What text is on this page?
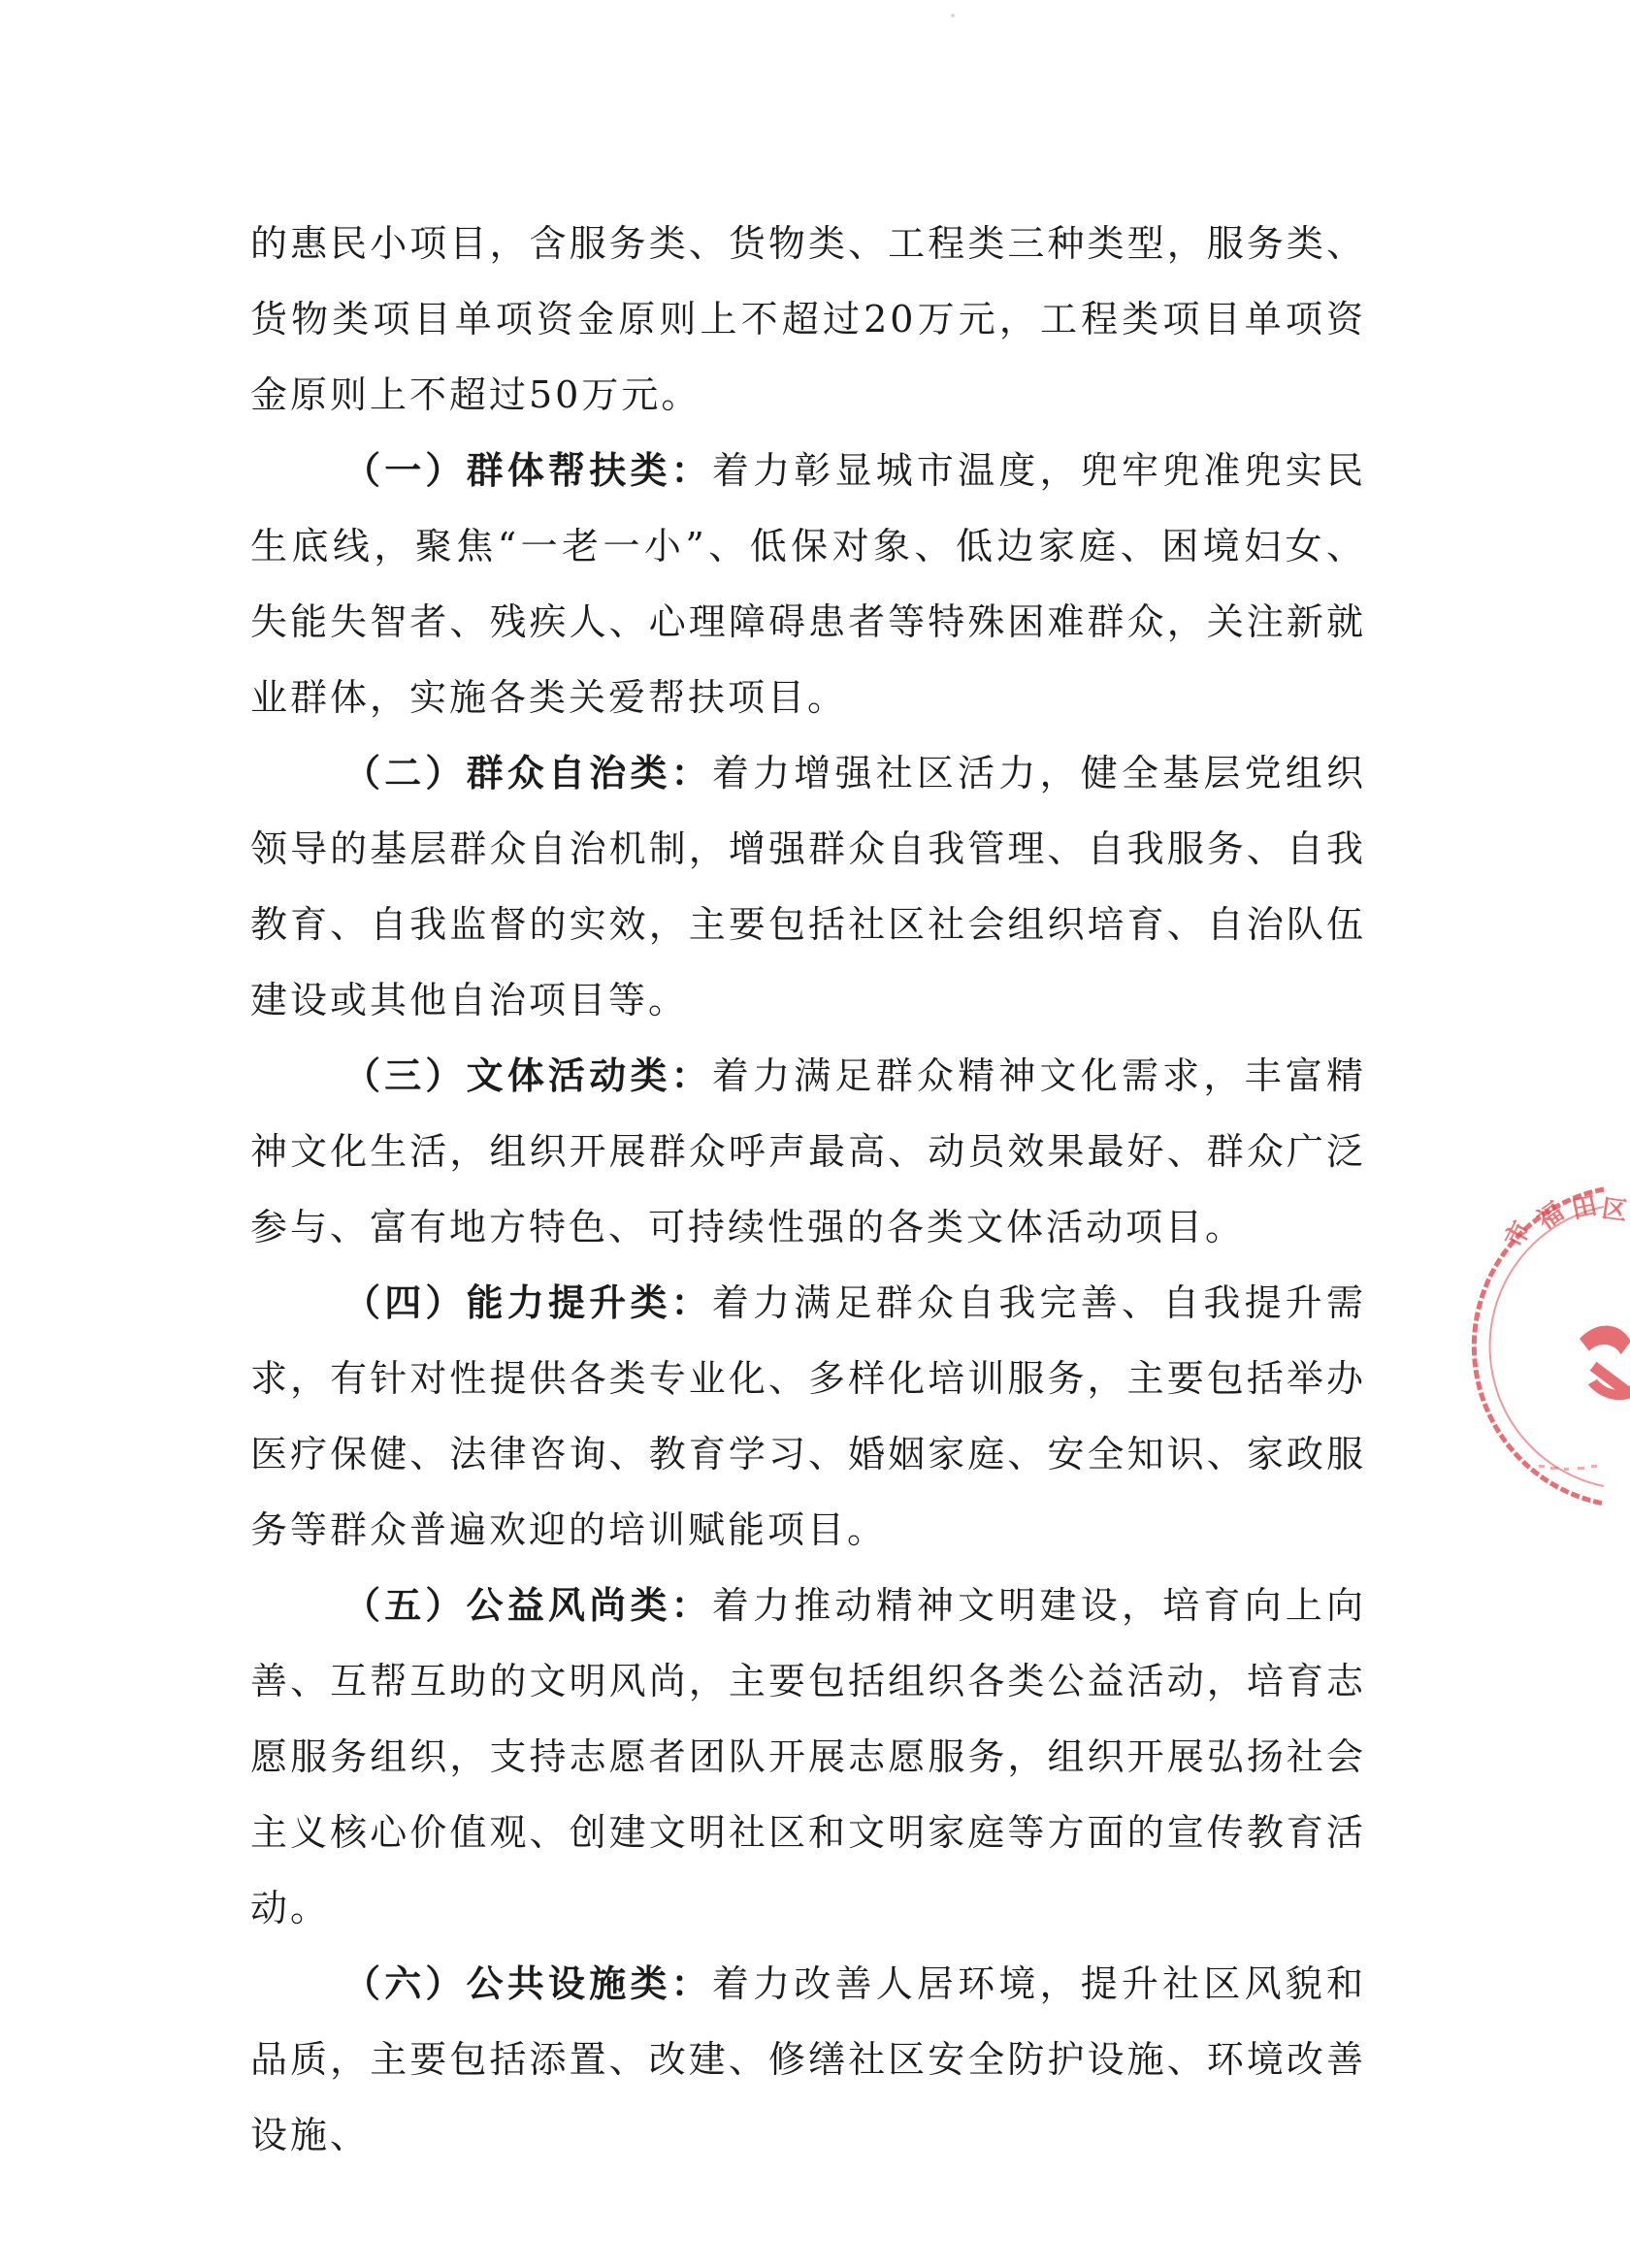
的惠民小项目，含服务类、货物类、工程类三种类型，服务类、货物类项目单项资金原则上不超过20万元，工程类项目单项资金原则上不超过50万元。

（一）群体帮扶类：着力彰显城市温度，兜牢兜准兜实民生底线，聚焦“一老一小”、低保对象、低边家庭、困境妇女、失能失智者、残疾人、心理障碍患者等特殊困难群众，关注新就业群体，实施各类关爱帮扶项目。

（二）群众自治类：着力增强社区活力，健全基层党组织领导的基层群众自治机制，增强群众自我管理、自我服务、自我教育、自我监督的实效，主要包括社区社会组织培育、自治队伍建设或其他自治项目等。

（三）文体活动类：着力满足群众精神文化需求，丰富精神文化生活，组织开展群众呼声最高、动员效果最好、群众广泛参与、富有地方特色、可持续性强的各类文体活动项目。

（四）能力提升类：着力满足群众自我完善、自我提升需求，有针对性提供各类专业化、多样化培训服务，主要包括举办医疗保健、法律咨询、教育学习、婚姻家庭、安全知识、家政服务等群众普遍欢迎的培训赋能项目。

（五）公益风尚类：着力推动精神文明建设，培育向上向善、互帮互助的文明风尚，主要包括组织各类公益活动，培育志愿服务组织，支持志愿者团队开展志愿服务，组织开展弘扬社会主义核心价值观、创建文明社区和文明家庭等方面的宣传教育活动。

（六）公共设施类：着力改善人居环境，提升社区风貌和品质，主要包括添置、改建、修缮社区安全防护设施、环境改善设施、

市
福 田 区
